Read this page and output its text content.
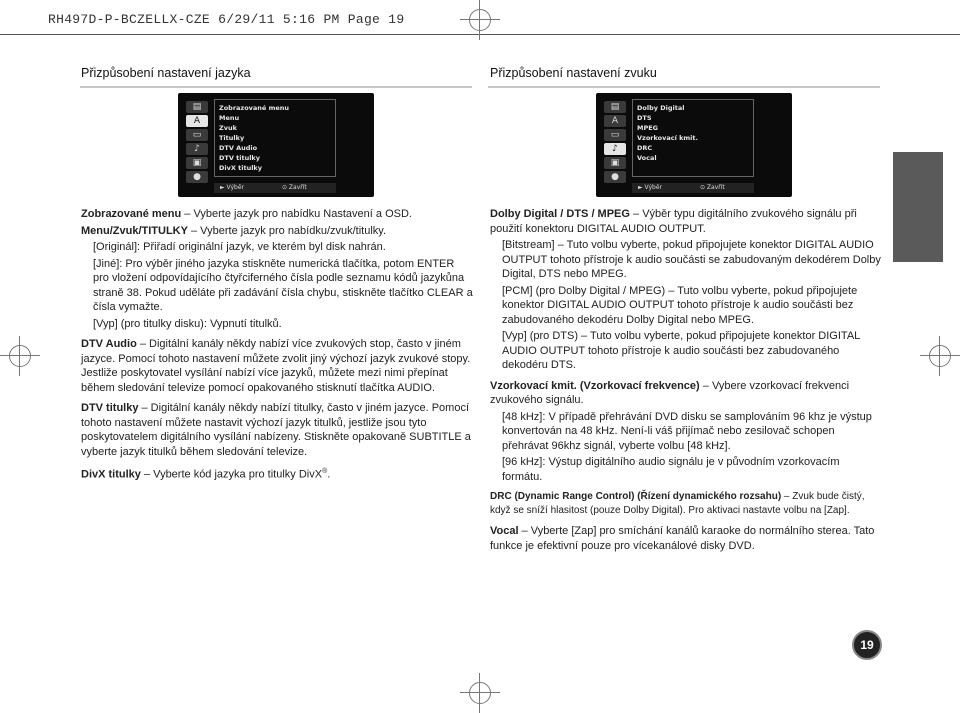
RH497D-P-BCZELLX-CZE 6/29/11 5:16 PM Page 19
Přizpůsobení nastavení jazyka	Přizpůsobení nastavení zvuku
▤
A
▭
♪
▣
●
Zobrazované menu
Menu
Zvuk
Titulky
DTV Audio
DTV titulky
DivX titulky
► Výběr	⊙ Zavřít
▤
A
▭
♪
▣
●
Dolby Digital
DTS
MPEG
Vzorkovací kmit.
DRC
Vocal
► Výběr	⊙ Zavřít
Zobrazované menu – Vyberte jazyk pro nabídku Nastavení a OSD.
Menu/Zvuk/TITULKY – Vyberte jazyk pro nabídku/zvuk/titulky.
[Originál]: Přiřadí originální jazyk, ve kterém byl disk nahrán.
[Jiné]: Pro výběr jiného jazyka stiskněte numerická tlačítka, potom ENTER pro vložení odpovídajícího čtyřciferného čísla podle seznamu kódů jazykůna straně 38. Pokud uděláte při zadávání čísla chybu, stiskněte tlačítko CLEAR a čísla vymažte.
[Vyp] (pro titulky disku): Vypnutí titulků.
DTV Audio – Digitální kanály někdy nabízí více zvukových stop, často v jiném jazyce. Pomocí tohoto nastavení můžete zvolit jiný výchozí jazyk zvukové stopy. Jestliže poskytovatel vysílání nabízí více jazyků, můžete mezi nimi přepínat během sledování televize pomocí opakovaného stisknutí tlačítka AUDIO.
DTV titulky – Digitální kanály někdy nabízí titulky, často v jiném jazyce. Pomocí tohoto nastavení můžete nastavit výchozí jazyk titulků, jestliže jsou tyto poskytovatelem digitálního vysílání nabízeny. Stiskněte opakovaně SUBTITLE a vyberte jazyk titulků během sledování televize.
DivX titulky – Vyberte kód jazyka pro titulky DivX®.
Dolby Digital / DTS / MPEG – Výběr typu digitálního zvukového signálu při použití konektoru DIGITAL AUDIO OUTPUT.
[Bitstream] – Tuto volbu vyberte, pokud připojujete konektor DIGITAL AUDIO OUTPUT tohoto přístroje k audio součásti se zabudovaným dekodérem Dolby Digital, DTS nebo MPEG.
[PCM] (pro Dolby Digital / MPEG) – Tuto volbu vyberte, pokud připojujete konektor DIGITAL AUDIO OUTPUT tohoto přístroje k audio součásti bez zabudovaného dekodéru Dolby Digital nebo MPEG.
[Vyp] (pro DTS) – Tuto volbu vyberte, pokud připojujete konektor DIGITAL AUDIO OUTPUT tohoto přístroje k audio součásti bez zabudovaného dekodéru DTS.
Vzorkovací kmit. (Vzorkovací frekvence) – Vybere vzorkovací frekvenci zvukového signálu.
[48 kHz]: V případě přehrávání DVD disku se samplováním 96 khz je výstup konvertován na 48 kHz. Není-li váš přijímač nebo zesilovač schopen přehrávat 96khz signál, vyberte volbu [48 kHz].
[96 kHz]: Výstup digitálního audio signálu je v původním vzorkovacím formátu.
DRC (Dynamic Range Control) (Řízení dynamického rozsahu) – Zvuk bude čistý, když se sníží hlasitost (pouze Dolby Digital). Pro aktivaci nastavte volbu na [Zap].
Vocal – Vyberte [Zap] pro smíchání kanálů karaoke do normálního sterea. Tato funkce je efektivní pouze pro vícekanálové disky DVD.
19
